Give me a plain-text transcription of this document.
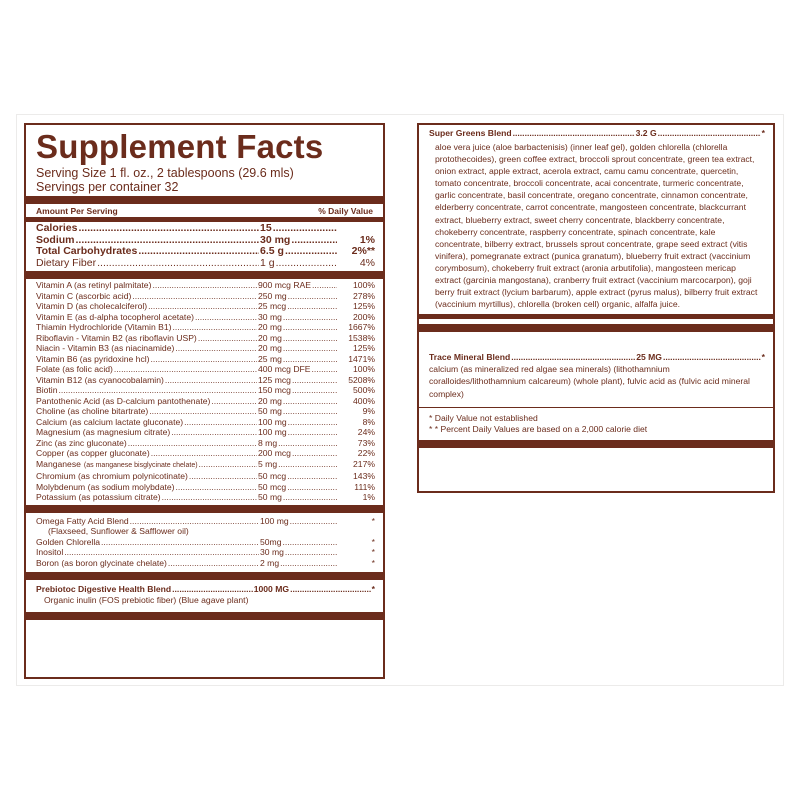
Supplement Facts
Serving Size 1 fl. oz., 2 tablespoons (29.6 mls)
Servings per container 32
Amount Per Serving	% Daily Value
Calories .....	15
.....
Sodium .....	30 mg .....	1%
Total Carbohydrates .....	6.5 g .....	2%**
Dietary Fiber .....	1 g .....	4%
Vitamin A (as retinyl palmitate) .....	900 mcg RAE .....	100%
Vitamin C (ascorbic acid) .....	250 mg .....	278%
Vitamin D (as cholecalciferol) .....	25 mcg .....	125%
Vitamin E (as d-alpha tocopherol acetate) .....	30 mg .....	200%
Thiamin Hydrochloride (Vitamin B1) .....	20 mg .....	1667%
Riboflavin - Vitamin B2 (as riboflavin USP) .....	20 mg .....	1538%
Niacin - Vitamin B3 (as niacinamide) .....	20 mg .....	125%
Vitamin B6 (as pyridoxine hcl) .....	25 mg .....	1471%
Folate (as folic acid) .....	400 mcg DFE .....	100%
Vitamin B12 (as cyanocobalamin) .....	125 mcg .....	5208%
Biotin .....	150 mcg .....	500%
Pantothenic Acid (as D-calcium pantothenate) .....	20 mg .....	400%
Choline (as choline bitartrate) .....	50 mg .....	9%
Calcium (as calcium lactate gluconate) .....	100 mg .....	8%
Magnesium (as magnesium citrate) .....	100 mg .....	24%
Zinc (as zinc gluconate) .....	8 mg .....	73%
Copper (as copper gluconate) .....	200 mcg .....	22%
Manganese (as manganese bisglycinate chelate) .....	5 mg .....	217%
Chromium (as chromium polynicotinate) .....	50 mcg .....	143%
Molybdenum (as sodium molybdate) .....	50 mcg .....	111%
Potassium (as potassium citrate) .....	50 mg .....	1%
Omega Fatty Acid Blend .....	100 mg .....	*
(Flaxseed, Sunflower & Safflower oil)
Golden Chlorella .....	50mg .....	*
Inositol .....	30 mg .....	*
Boron (as boron glycinate chelate) .....	2 mg .....	*
Prebiotoc Digestive Health Blend .....	1000 MG .....	*
Organic inulin (FOS prebiotic fiber) (Blue agave plant)
Super Greens Blend .....	3.2 G .....	*
aloe vera juice (aloe barbactenisis) (inner leaf gel), golden chlorella (chlorella protothecoides), green coffee extract, broccoli sprout concentrate, green tea extract, onion extract, apple extract, acerola extract, camu camu concentrate, quercetin, tomato concentrate, broccoli concentrate, acai concentrate, turmeric concentrate, garlic concentrate, basil concentrate, oregano concentrate, cinnamon concentrate, elderberry concentrate, carrot concentrate, mangosteen concentrate, blackcurrant extract, blueberry extract, sweet cherry concentrate, blackberry concentrate, chokeberry concentrate, raspberry concentrate, spinach concentrate, kale concentrate, bilberry extract, brussels sprout concentrate, grape seed extract (vitis vinifera), pomegranate extract (punica granatum), blueberry fruit extract (vaccinium corymbosum), chokeberry fruit extract (aronia arbutifolia), mangosteen mericap extract (garcinia mangostana), cranberry fruit extract (vaccinium marcocarpon), goji berry fruit extract (lycium barbarum), apple extract (pyrus malus), bilberry fruit extract (vaccinium myrtillus), chlorella (broken cell) organic, alfalfa juice.
Trace Mineral Blend .....	25 MG .....	*
calcium (as mineralized red algae sea minerals) (lithothamnium coralloides/lithothamnium calcareum) (whole plant), fulvic acid as (fulvic acid mineral complex)
* Daily Value not established
* * Percent Daily Values are based on a 2,000 calorie diet
